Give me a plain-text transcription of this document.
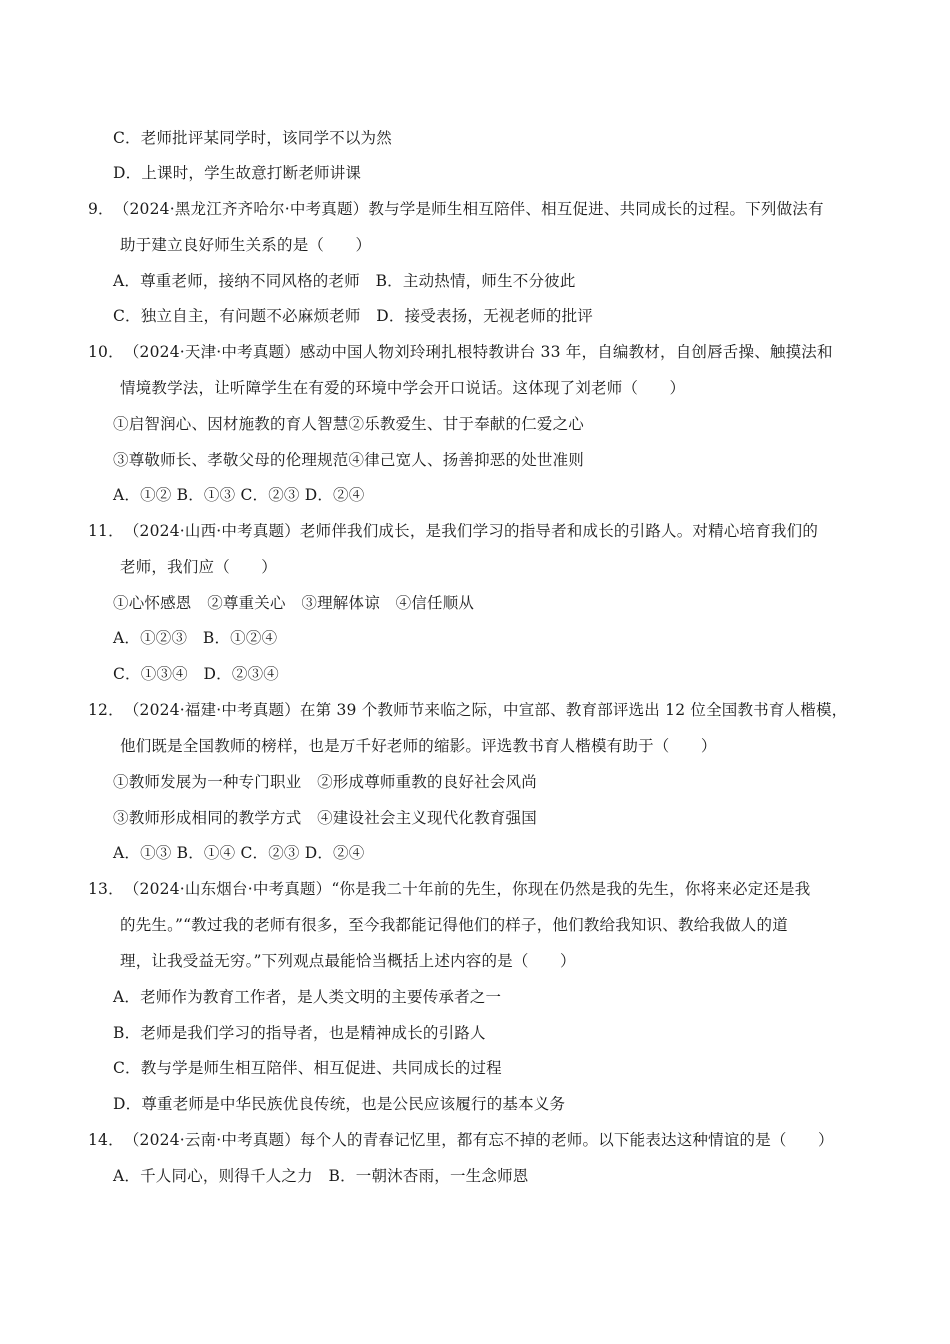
C．老师批评某同学时，该同学不以为然
D．上课时，学生故意打断老师讲课
9．（2024·黑龙江齐齐哈尔·中考真题）教与学是师生相互陪伴、相互促进、共同成长的过程。下列做法有
助于建立良好师生关系的是（　　）
A．尊重老师，接纳不同风格的老师　B．主动热情，师生不分彼此
C．独立自主，有问题不必麻烦老师　D．接受表扬，无视老师的批评
10．（2024·天津·中考真题）感动中国人物刘玲琍扎根特教讲台 33 年，自编教材，自创唇舌操、触摸法和
情境教学法，让听障学生在有爱的环境中学会开口说话。这体现了刘老师（　　）
①启智润心、因材施教的育人智慧②乐教爱生、甘于奉献的仁爱之心
③尊敬师长、孝敬父母的伦理规范④律己宽人、扬善抑恶的处世准则
A．①② B．①③ C．②③ D．②④
11．（2024·山西·中考真题）老师伴我们成长，是我们学习的指导者和成长的引路人。对精心培育我们的
老师，我们应（　　）
①心怀感恩　②尊重关心　③理解体谅　④信任顺从
A．①②③　B．①②④
C．①③④　D．②③④
12．（2024·福建·中考真题）在第 39 个教师节来临之际，中宣部、教育部评选出 12 位全国教书育人楷模，
他们既是全国教师的榜样，也是万千好老师的缩影。评选教书育人楷模有助于（　　）
①教师发展为一种专门职业　②形成尊师重教的良好社会风尚
③教师形成相同的教学方式　④建设社会主义现代化教育强国
A．①③ B．①④ C．②③ D．②④
13．（2024·山东烟台·中考真题）“你是我二十年前的先生，你现在仍然是我的先生，你将来必定还是我
的先生。”“教过我的老师有很多，至今我都能记得他们的样子，他们教给我知识、教给我做人的道
理，让我受益无穷。”下列观点最能恰当概括上述内容的是（　　）
A．老师作为教育工作者，是人类文明的主要传承者之一
B．老师是我们学习的指导者，也是精神成长的引路人
C．教与学是师生相互陪伴、相互促进、共同成长的过程
D．尊重老师是中华民族优良传统，也是公民应该履行的基本义务
14．（2024·云南·中考真题）每个人的青春记忆里，都有忘不掉的老师。以下能表达这种情谊的是（　　）
A．千人同心，则得千人之力　B．一朝沐杏雨，一生念师恩
